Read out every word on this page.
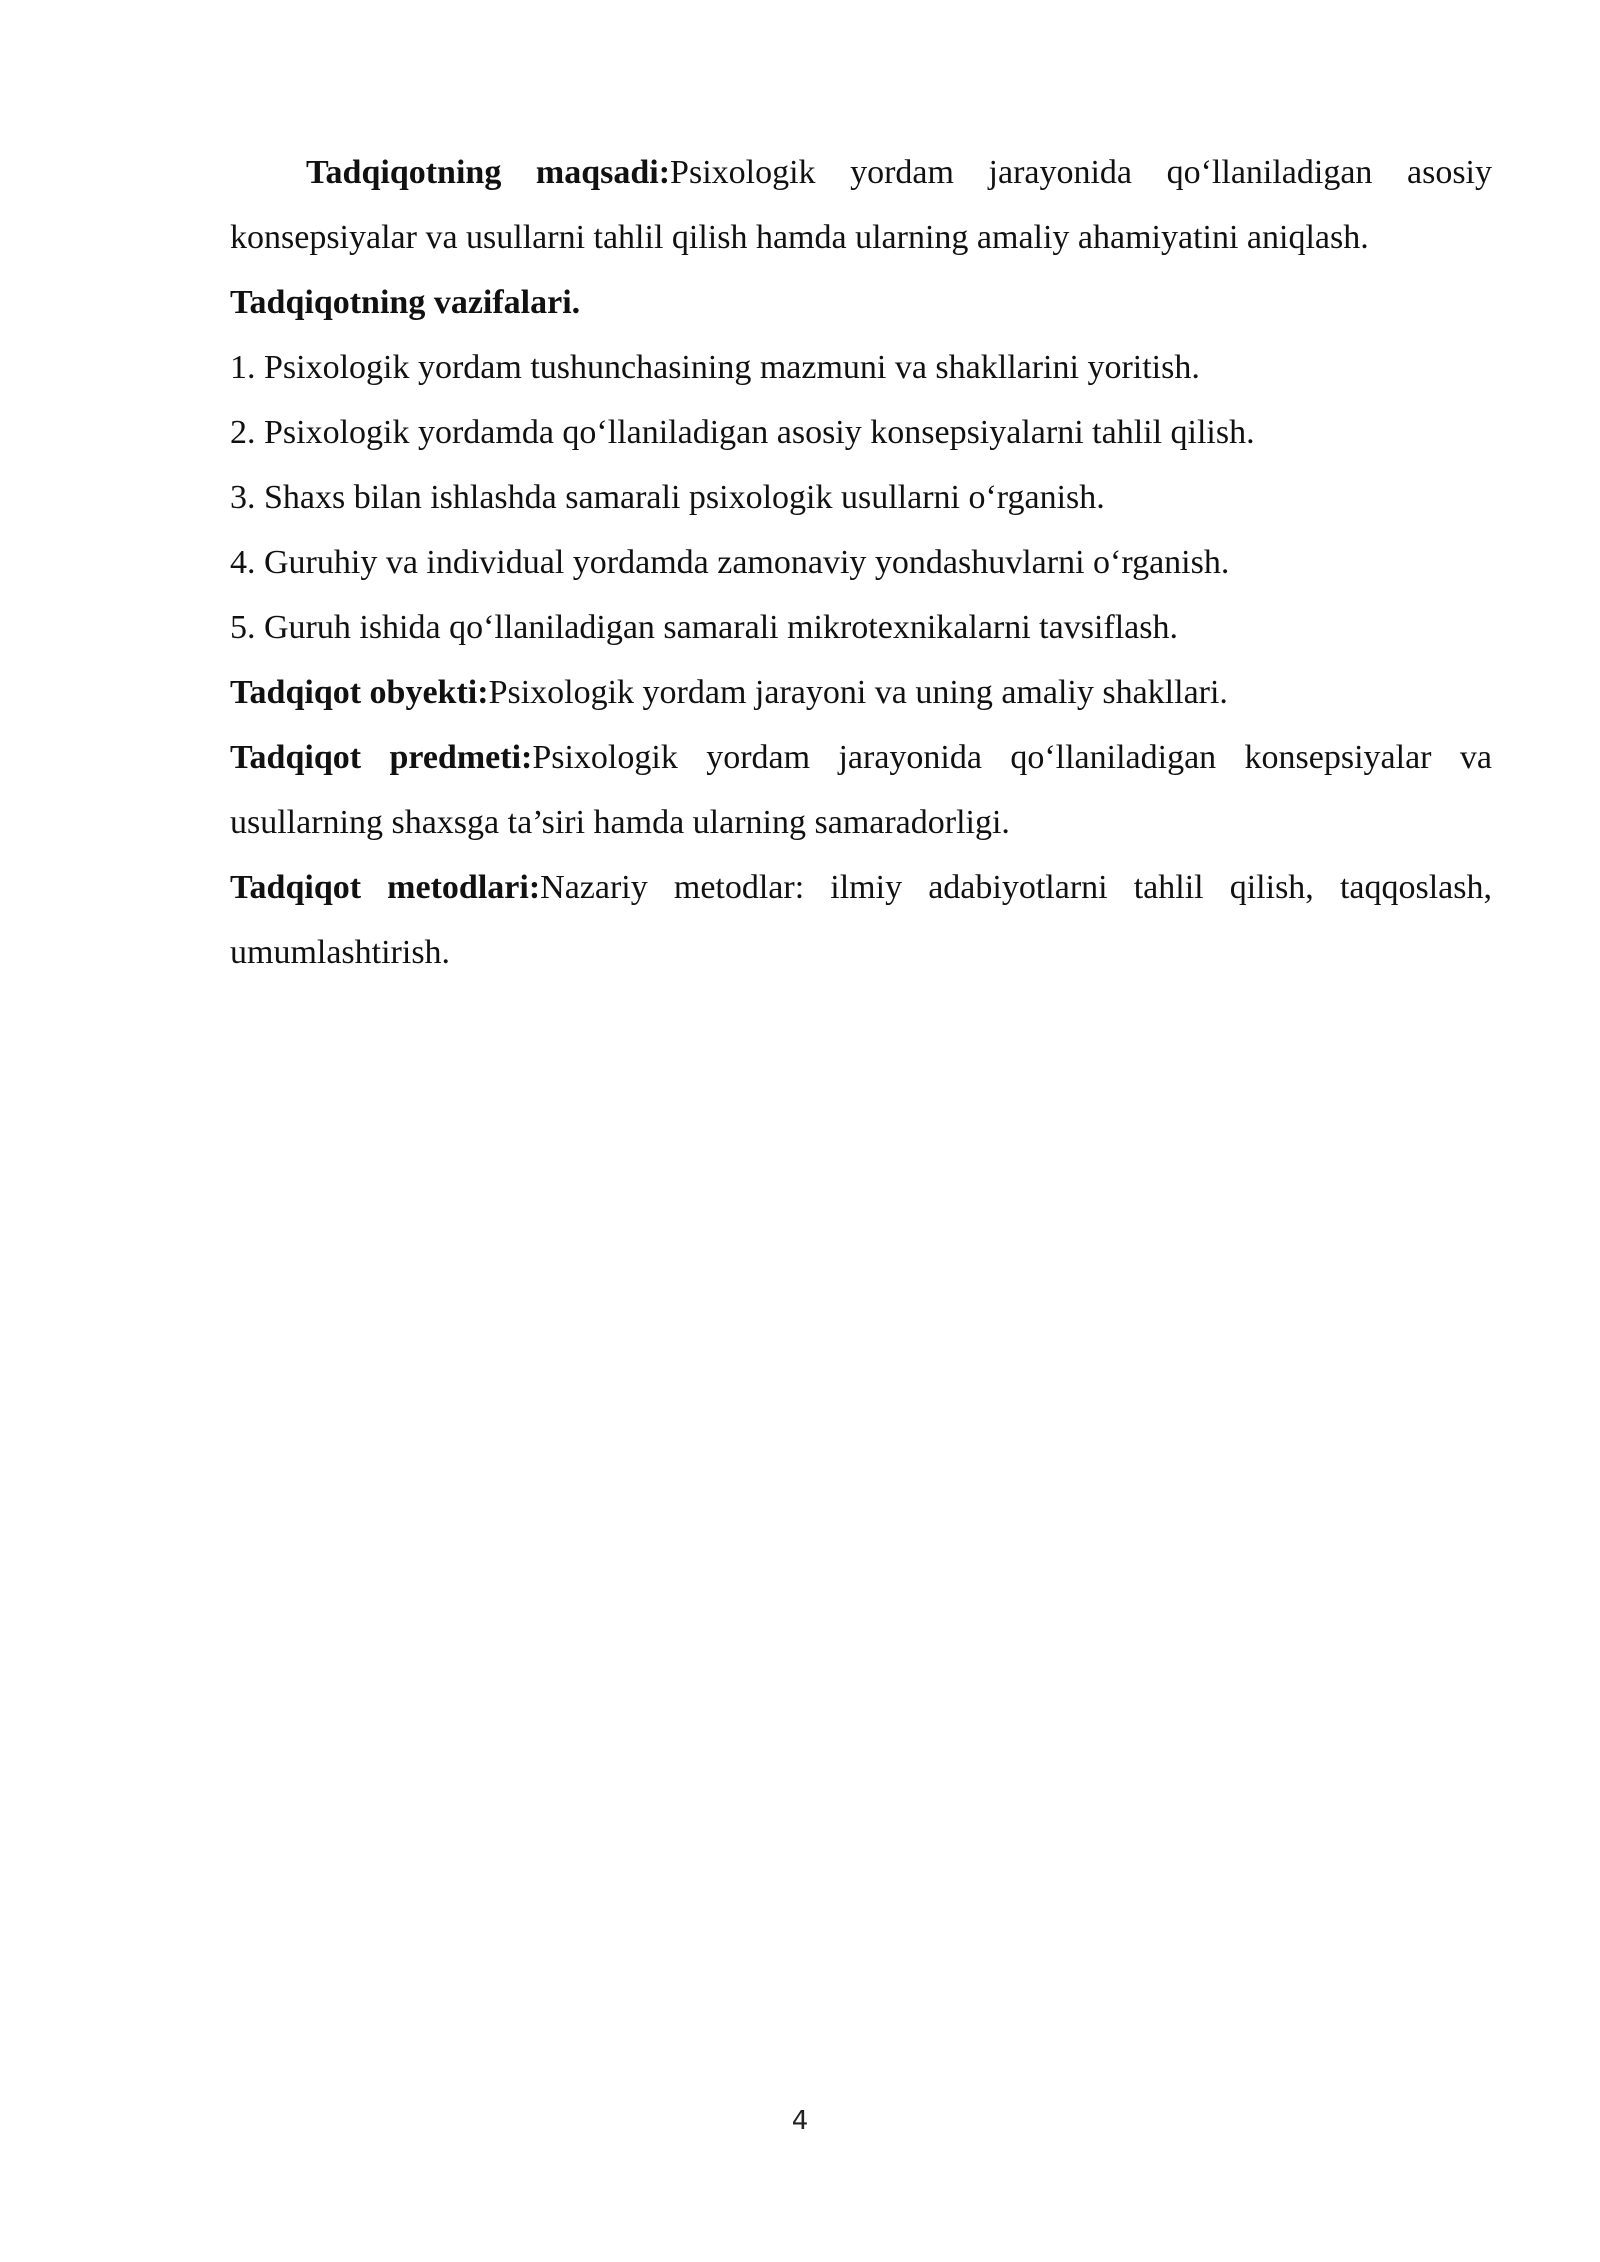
Tadqiqotning maqsadi:Psixologik yordam jarayonida qo‘llaniladigan asosiy konsepsiyalar va usullarni tahlil qilish hamda ularning amaliy ahamiyatini aniqlash.

Tadqiqotning vazifalari.

1. Psixologik yordam tushunchasining mazmuni va shakllarini yoritish.

2. Psixologik yordamda qo‘llaniladigan asosiy konsepsiyalarni tahlil qilish.

3. Shaxs bilan ishlashda samarali psixologik usullarni o‘rganish.

4. Guruhiy va individual yordamda zamonaviy yondashuvlarni o‘rganish.

5. Guruh ishida qo‘llaniladigan samarali mikrotexnikalarni tavsiflash.

Tadqiqot obyekti:Psixologik yordam jarayoni va uning amaliy shakllari.

Tadqiqot predmeti:Psixologik yordam jarayonida qo‘llaniladigan konsepsiyalar va usullarning shaxsga ta’siri hamda ularning samaradorligi.

Tadqiqot metodlari:Nazariy metodlar: ilmiy adabiyotlarni tahlil qilish, taqqoslash, umumlashtirish.

4
